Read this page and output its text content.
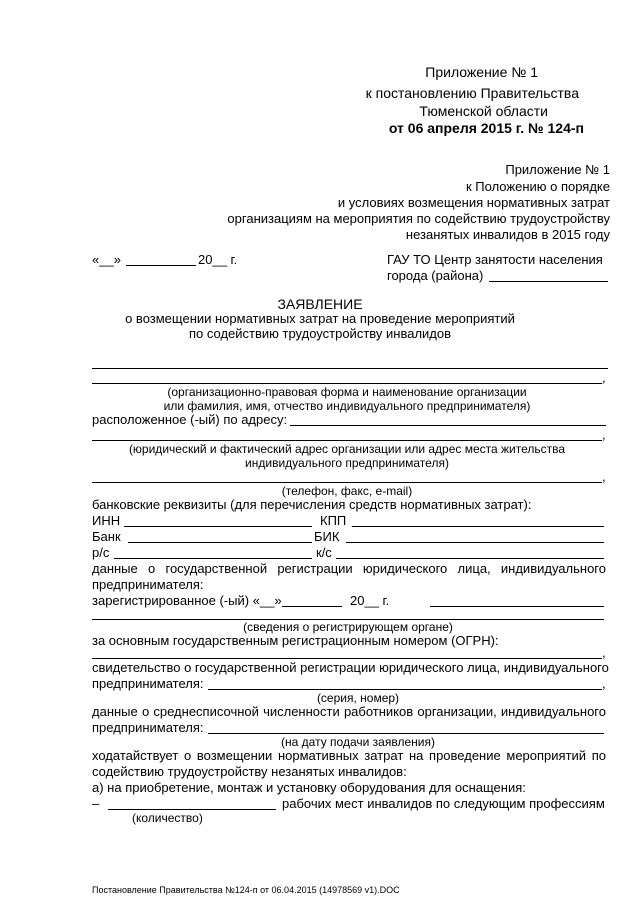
Приложение № 1
к постановлению Правительства
Тюменской области
от 06 апреля 2015 г. № 124-п
Приложение № 1
к Положению о порядке
и условиях возмещения нормативных затрат
организациям на мероприятия по содействию трудоустройству
незанятых инвалидов в 2015 году
«__»	20__ г.	ГАУ ТО Центр занятости населения
города (района)
ЗАЯВЛЕНИЕ
о возмещении нормативных затрат на проведение мероприятий
по содействию трудоустройству инвалидов
,
(организационно-правовая форма и наименование организации
или фамилия, имя, отчество индивидуального предпринимателя)
расположенное (-ый) по адресу:
,
(юридический и фактический адрес организации или адрес места жительства
индивидуального предпринимателя)
,
(телефон, факс, e-mail)
банковские реквизиты (для перечисления средств нормативных затрат):
ИНН	КПП
Банк	БИК
р/с	к/с
данные о государственной регистрации юридического лица, индивидуального
предпринимателя:
зарегистрированное (-ый) «__»	20__ г.
(сведения о регистрирующем органе)
за основным государственным регистрационным номером (ОГРН):
,
свидетельство о государственной регистрации юридического лица, индивидуального
предпринимателя:	,
(серия, номер)
данные о среднесписочной численности работников организации, индивидуального
предпринимателя:
(на дату подачи заявления)
ходатайствует о возмещении нормативных затрат на проведение мероприятий по
содействию трудоустройству незанятых инвалидов:
а) на приобретение, монтаж и установку оборудования для оснащения:
–	рабочих мест инвалидов по следующим профессиям
(количество)
Постановление Правительства №124-п от 06.04.2015 (14978569 v1).DOC
